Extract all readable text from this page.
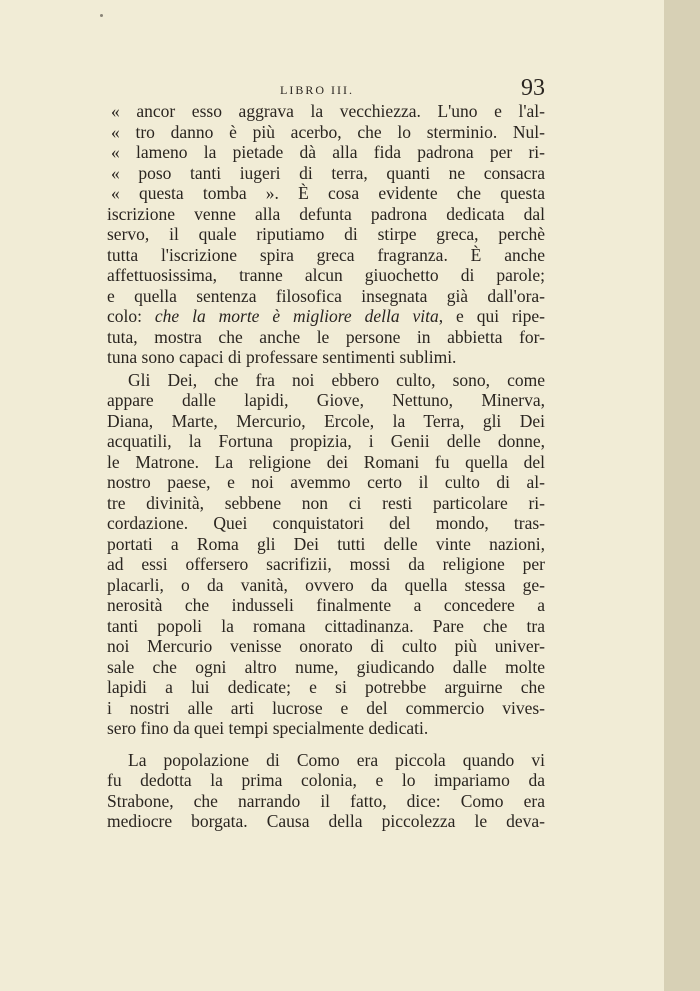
LIBRO III.	93
« ancor esso aggrava la vecchiezza. L'uno e l'al-
« tro danno è più acerbo, che lo sterminio. Nul-
« lameno la pietade dà alla fida padrona per ri-
« poso tanti iugeri di terra, quanti ne consacra
« questa tomba ». È cosa evidente che questa
iscrizione venne alla defunta padrona dedicata dal
servo, il quale riputiamo di stirpe greca, perchè
tutta l'iscrizione spira greca fragranza. È anche
affettuosissima, tranne alcun giuochetto di parole;
e quella sentenza filosofica insegnata già dall'ora-
colo: che la morte è migliore della vita, e qui ripe-
tuta, mostra che anche le persone in abbietta for-
tuna sono capaci di professare sentimenti sublimi.
Gli Dei, che fra noi ebbero culto, sono, come
appare dalle lapidi, Giove, Nettuno, Minerva,
Diana, Marte, Mercurio, Ercole, la Terra, gli Dei
acquatili, la Fortuna propizia, i Genii delle donne,
le Matrone. La religione dei Romani fu quella del
nostro paese, e noi avemmo certo il culto di al-
tre divinità, sebbene non ci resti particolare ri-
cordazione. Quei conquistatori del mondo, tras-
portati a Roma gli Dei tutti delle vinte nazioni,
ad essi offersero sacrifizii, mossi da religione per
placarli, o da vanità, ovvero da quella stessa ge-
nerosità che indusseli finalmente a concedere a
tanti popoli la romana cittadinanza. Pare che tra
noi Mercurio venisse onorato di culto più univer-
sale che ogni altro nume, giudicando dalle molte
lapidi a lui dedicate; e si potrebbe arguirne che
i nostri alle arti lucrose e del commercio vives-
sero fino da quei tempi specialmente dedicati.
La popolazione di Como era piccola quando vi
fu dedotta la prima colonia, e lo impariamo da
Strabone, che narrando il fatto, dice: Como era
mediocre borgata. Causa della piccolezza le deva-
